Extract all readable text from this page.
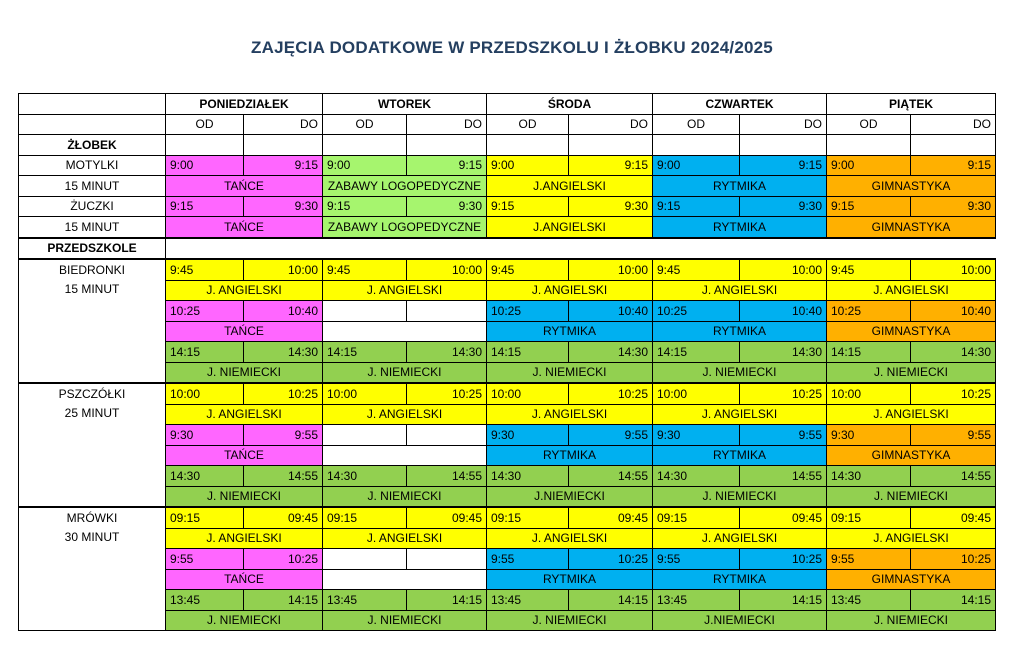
ZAJĘCIA DODATKOWE W PRZEDSZKOLU I ŻŁOBKU 2024/2025
	PONIEDZIAŁEK		WTOREK		ŚRODA		CZWARTEK		PIĄTEK	
	OD	DO	OD	DO	OD	DO	OD	DO	OD	DO
ŻŁOBEK										
MOTYLKI	9:00	9:15	9:00	9:15	9:00	9:15	9:00	9:15	9:00	9:15
15 MINUT	TAŃCE		ZABAWY LOGOPEDYCZNE		J.ANGIELSKI		RYTMIKA		GIMNASTYKA	
ŻUCZKI	9:15	9:30	9:15	9:30	9:15	9:30	9:15	9:30	9:15	9:30
15 MINUT	TAŃCE		ZABAWY LOGOPEDYCZNE		J.ANGIELSKI		RYTMIKA		GIMNASTYKA	
PRZEDSZKOLE										

BIEDRONKI
15 MINUT	9:45	10:00	9:45	10:00	9:45	10:00	9:45	10:00	9:45	10:00
	J. ANGIELSKI		J. ANGIELSKI		J. ANGIELSKI		J. ANGIELSKI		J. ANGIELSKI	
	10:25	10:40			10:25	10:40	10:25	10:40	10:25	10:40
	TAŃCE				RYTMIKA		RYTMIKA		GIMNASTYKA	
	14:15	14:30	14:15	14:30	14:15	14:30	14:15	14:30	14:15	14:30
	J. NIEMIECKI		J. NIEMIECKI		J. NIEMIECKI		J. NIEMIECKI		J. NIEMIECKI	

PSZCZÓŁKI
25 MINUT	10:00	10:25	10:00	10:25	10:00	10:25	10:00	10:25	10:00	10:25
	J. ANGIELSKI		J. ANGIELSKI		J. ANGIELSKI		J. ANGIELSKI		J. ANGIELSKI	
	9:30	9:55			9:30	9:55	9:30	9:55	9:30	9:55
	TAŃCE				RYTMIKA		RYTMIKA		GIMNASTYKA	
	14:30	14:55	14:30	14:55	14:30	14:55	14:30	14:55	14:30	14:55
	J. NIEMIECKI		J. NIEMIECKI		J.NIEMIECKI		J. NIEMIECKI		J. NIEMIECKI	

MRÓWKI
30 MINUT	09:15	09:45	09:15	09:45	09:15	09:45	09:15	09:45	09:15	09:45
	J. ANGIELSKI		J. ANGIELSKI		J. ANGIELSKI		J. ANGIELSKI		J. ANGIELSKI	
	9:55	10:25			9:55	10:25	9:55	10:25	9:55	10:25
	TAŃCE				RYTMIKA		RYTMIKA		GIMNASTYKA	
	13:45	14:15	13:45	14:15	13:45	14:15	13:45	14:15	13:45	14:15
	J. NIEMIECKI		J. NIEMIECKI		J. NIEMIECKI		J.NIEMIECKI		J. NIEMIECKI	
